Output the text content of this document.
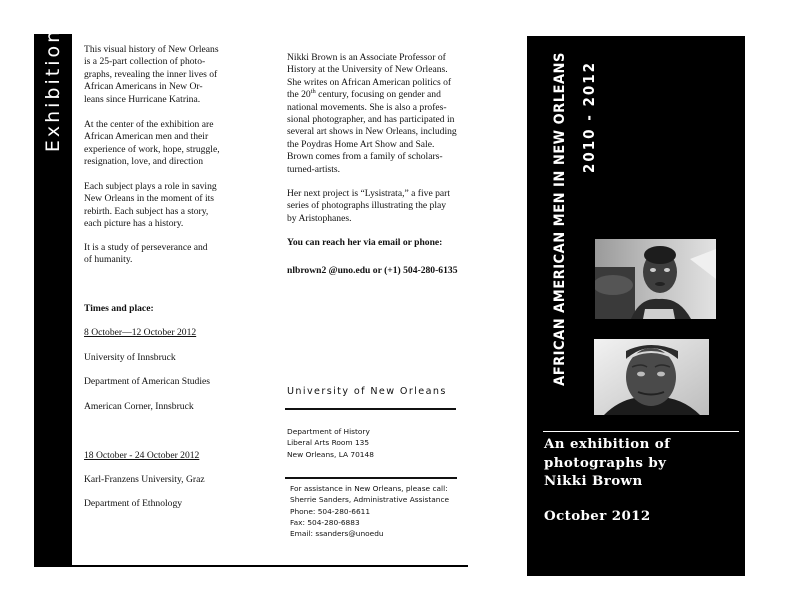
Exhibition This visual history of New Orleans
is a 25-part collection of photo-
graphs, revealing the inner lives of
African Americans in New Or-
leans since Hurricane Katrina.

At the center of the exhibition are
African American men and their
experience of work, hope, struggle,
resignation, love, and direction

Each subject plays a role in saving
New Orleans in the moment of its
rebirth. Each subject has a story,
each picture has a history.

It is a study of perseverance and
of humanity.

Times and place:

8 October—12 October 2012

University of Innsbruck

Department of American Studies

American Corner, Innsbruck

18 October - 24 October 2012

Karl-Franzens University, Graz

Department of Ethnology

Nikki Brown is an Associate Professor of
History at the University of New Orleans.
She writes on African American politics of
the 20th century, focusing on gender and
national movements. She is also a profes-
sional photographer, and has participated in
several art shows in New Orleans, including
the Poydras Home Art Show and Sale.
Brown comes from a family of scholars-
turned-artists.

Her next project is “Lysistrata,” a five part
series of photographs illustrating the play
by Aristophanes.

You can reach her via email or phone:

nlbrown2 @uno.edu or (+1) 504-280-6135

University of New Orleans

Department of History
Liberal Arts Room 135
New Orleans, LA 70148

For assistance in New Orleans, please call:
Sherrie Sanders, Administrative Assistance
Phone: 504-280-6611
Fax: 504-280-6883
Email: ssanders@unoedu

AFRICAN AMERICAN MEN IN NEW ORLEANS 2010 - 2012

An exhibition of
photographs by
Nikki Brown

October 2012
